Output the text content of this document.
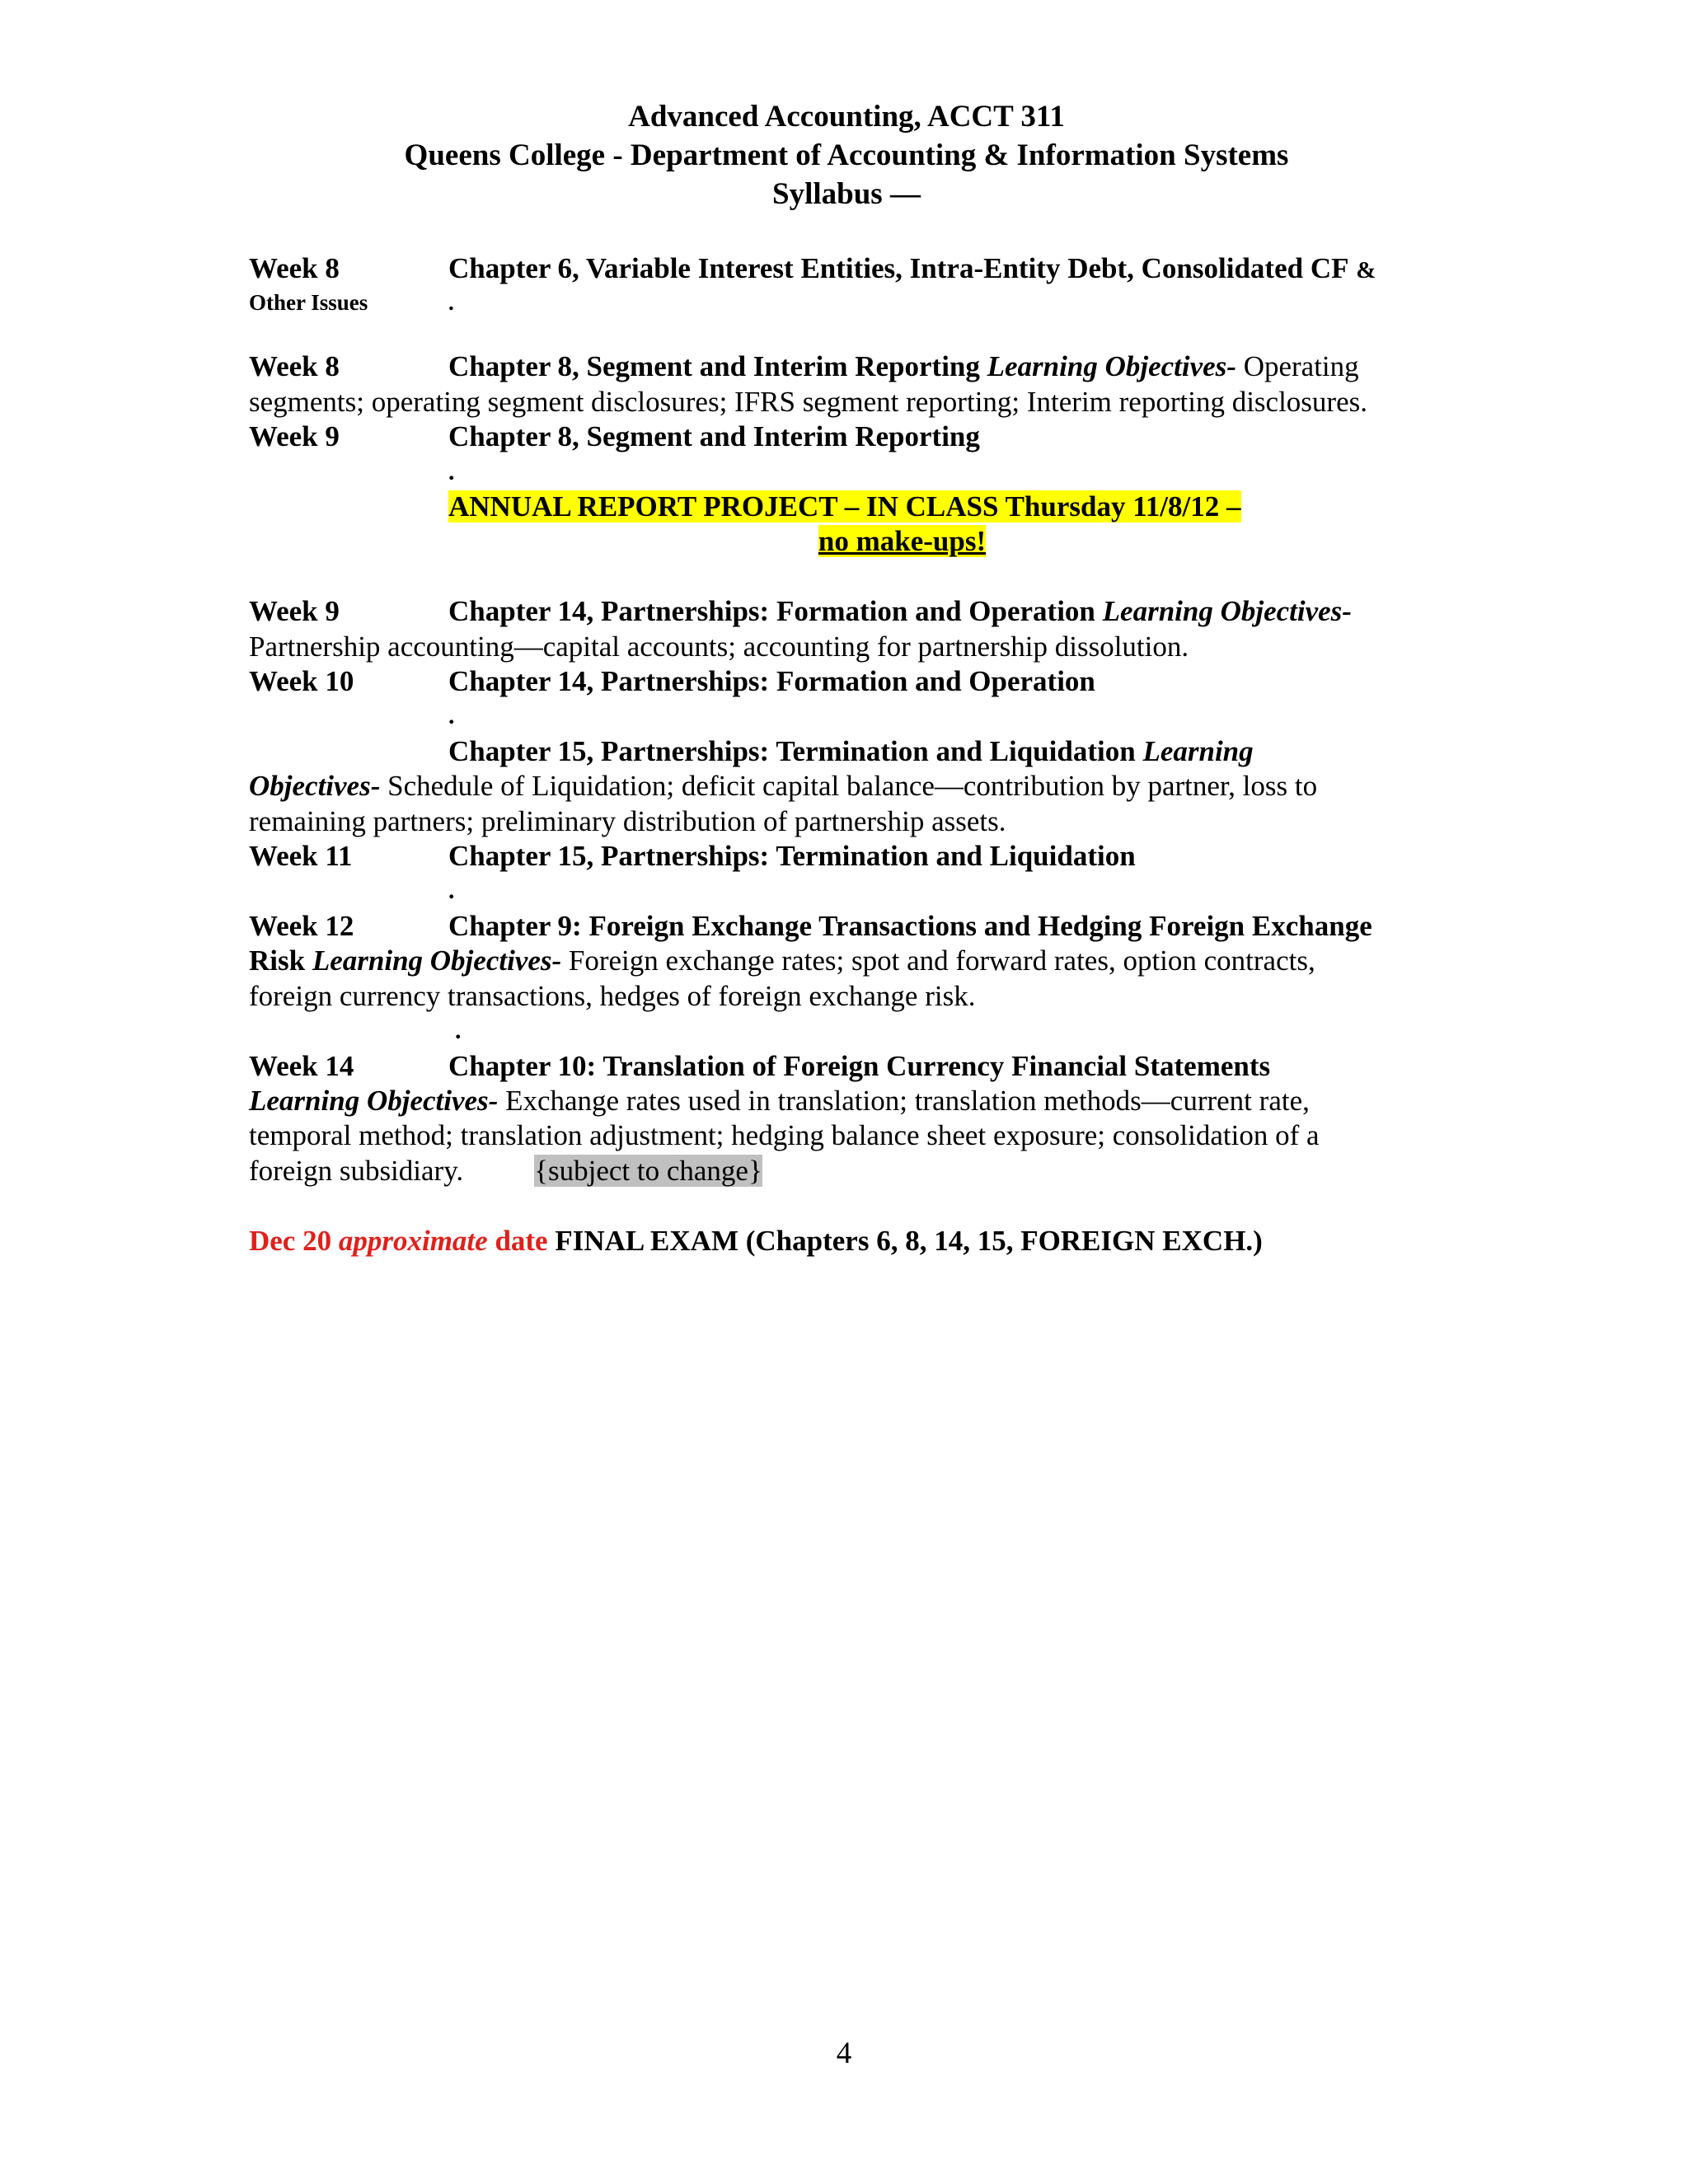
Advanced Accounting, ACCT 311
Queens College - Department of Accounting & Information Systems
Syllabus —
Week 8	Chapter 6, Variable Interest Entities, Intra-Entity Debt, Consolidated CF &
Other Issues	.
Week 8	Chapter 8, Segment and Interim Reporting Learning Objectives- Operating
segments; operating segment disclosures; IFRS segment reporting; Interim reporting disclosures.
Week 9	Chapter 8, Segment and Interim Reporting
.
ANNUAL REPORT PROJECT – IN CLASS Thursday 11/8/12 –
no make-ups!
Week 9	Chapter 14, Partnerships: Formation and Operation Learning Objectives-
Partnership accounting—capital accounts; accounting for partnership dissolution.
Week 10	Chapter 14, Partnerships: Formation and Operation
.
Chapter 15, Partnerships: Termination and Liquidation Learning
Objectives- Schedule of Liquidation; deficit capital balance—contribution by partner, loss to
remaining partners; preliminary distribution of partnership assets.
Week 11	Chapter 15, Partnerships: Termination and Liquidation
.
Week 12	Chapter 9: Foreign Exchange Transactions and Hedging Foreign Exchange
Risk Learning Objectives- Foreign exchange rates; spot and forward rates, option contracts,
foreign currency transactions, hedges of foreign exchange risk.
.
Week 14	Chapter 10: Translation of Foreign Currency Financial Statements
Learning Objectives- Exchange rates used in translation; translation methods—current rate,
temporal method; translation adjustment; hedging balance sheet exposure; consolidation of a
foreign subsidiary. {subject to change}
Dec 20 approximate date FINAL EXAM (Chapters 6, 8, 14, 15, FOREIGN EXCH.)
4
